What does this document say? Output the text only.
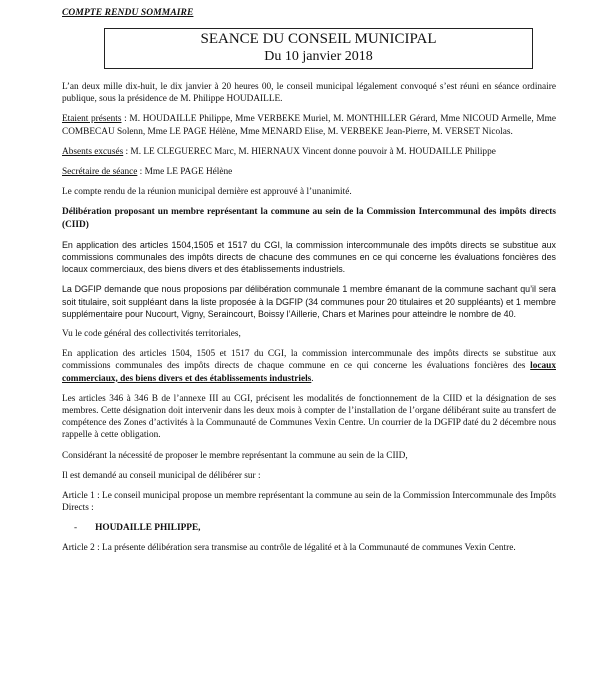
COMPTE RENDU SOMMAIRE
SEANCE DU CONSEIL MUNICIPAL
Du 10 janvier 2018

L’an deux mille dix-huit, le dix janvier à 20 heures 00, le conseil municipal légalement convoqué s’est réuni en séance ordinaire publique, sous la présidence de M. Philippe HOUDAILLE.

Etaient présents : M. HOUDAILLE Philippe, Mme VERBEKE Muriel, M. MONTHILLER Gérard, Mme NICOUD Armelle, Mme COMBECAU Solenn, Mme LE PAGE Hélène, Mme MENARD Elise, M. VERBEKE Jean-Pierre, M. VERSET Nicolas.

Absents excusés : M. LE CLEGUEREC Marc, M. HIERNAUX Vincent donne pouvoir à M. HOUDAILLE Philippe

Secrétaire de séance : Mme LE PAGE Hélène

Le compte rendu de la réunion municipal dernière est approuvé à l’unanimité.

Délibération proposant un membre représentant la commune au sein de la Commission Intercommunal des impôts directs (CIID)

En application des articles 1504,1505 et 1517 du CGI, la commission intercommunale des impôts directs se substitue aux commissions communales des impôts directs de chacune des communes en ce qui concerne les évaluations foncières des locaux commerciaux, des biens divers et des établissements industriels.

La DGFIP demande que nous proposions par délibération communale 1 membre émanant de la commune sachant qu’il sera soit titulaire, soit suppléant dans la liste proposée à la DGFIP (34 communes pour 20 titulaires et 20 suppléants) et 1 membre supplémentaire pour Nucourt, Vigny, Seraincourt, Boissy l’Aillerie, Chars et Marines pour atteindre le nombre de 40.

Vu le code général des collectivités territoriales,

En application des articles 1504, 1505 et 1517 du CGI, la commission intercommunale des impôts directs se substitue aux commissions communales des impôts directs de chaque commune en ce qui concerne les évaluations foncières des locaux commerciaux, des biens divers et des établissements industriels.

Les articles 346 à 346 B de l’annexe III au CGI, précisent les modalités de fonctionnement de la CIID et la désignation de ses membres. Cette désignation doit intervenir dans les deux mois à compter de l’installation de l’organe délibérant suite au transfert de compétence des Zones d’activités à la Communauté de Communes Vexin Centre. Un courrier de la DGFIP daté du 2 décembre nous rappelle à cette obligation.

Considérant la nécessité de proposer le membre représentant la commune au sein de la CIID,

Il est demandé au conseil municipal de délibérer sur :

Article 1 : Le conseil municipal propose un membre représentant la commune au sein de la Commission Intercommunale des Impôts Directs :

- HOUDAILLE PHILIPPE,

Article 2 : La présente délibération sera transmise au contrôle de légalité et à la Communauté de communes Vexin Centre.
